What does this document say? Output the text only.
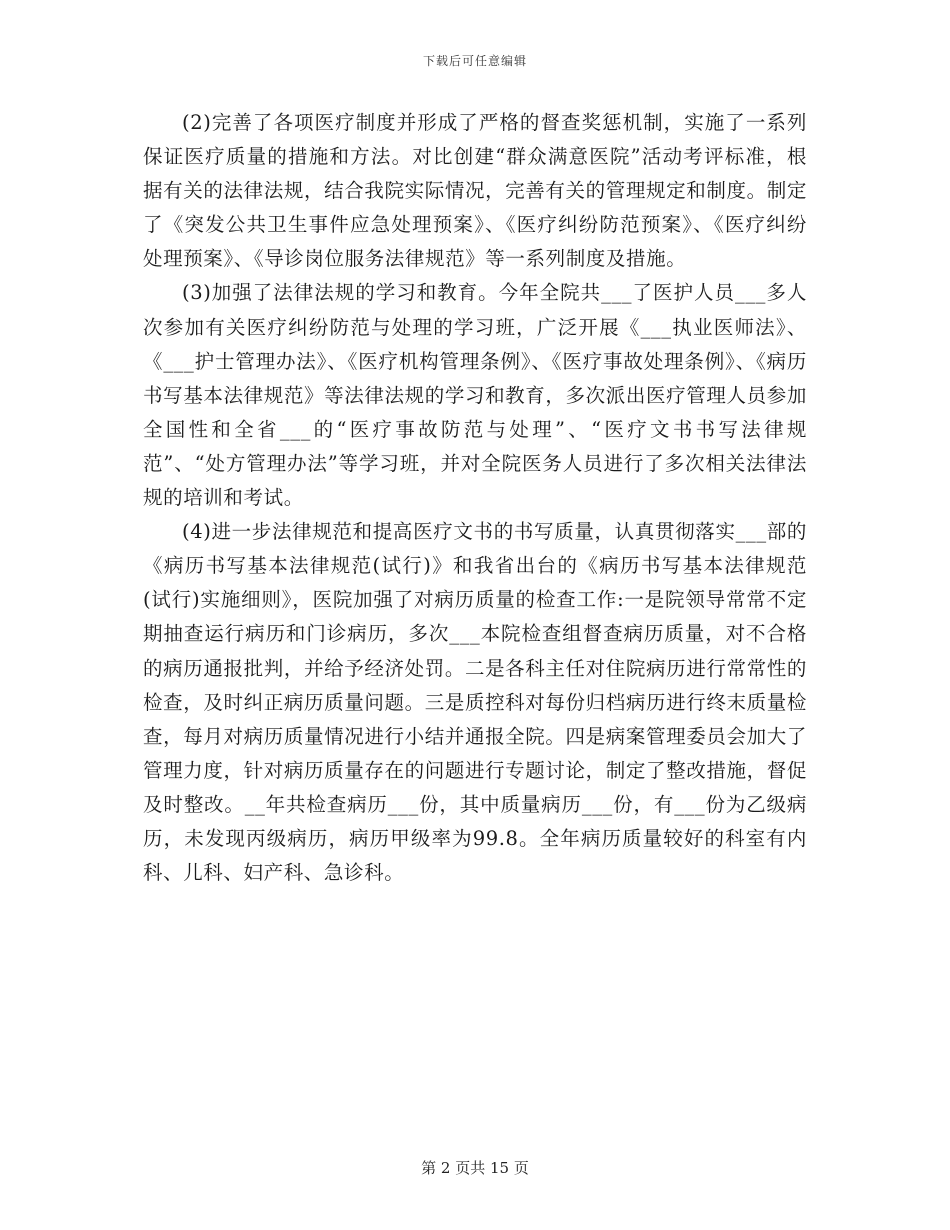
下载后可任意编辑

(2)完善了各项医疗制度并形成了严格的督查奖惩机制，实施了一系列保证医疗质量的措施和方法。对比创建“群众满意医院”活动考评标准，根据有关的法律法规，结合我院实际情况，完善有关的管理规定和制度。制定了《突发公共卫生事件应急处理预案》、《医疗纠纷防范预案》、《医疗纠纷处理预案》、《导诊岗位服务法律规范》等一系列制度及措施。

(3)加强了法律法规的学习和教育。今年全院共___了医护人员___多人次参加有关医疗纠纷防范与处理的学习班，广泛开展《___执业医师法》、《___护士管理办法》、《医疗机构管理条例》、《医疗事故处理条例》、《病历书写基本法律规范》等法律法规的学习和教育，多次派出医疗管理人员参加全国性和全省___的“医疗事故防范与处理”、“医疗文书书写法律规范”、“处方管理办法”等学习班，并对全院医务人员进行了多次相关法律法规的培训和考试。

(4)进一步法律规范和提高医疗文书的书写质量，认真贯彻落实___部的《病历书写基本法律规范(试行)》和我省出台的《病历书写基本法律规范(试行)实施细则》，医院加强了对病历质量的检查工作:一是院领导常常不定期抽查运行病历和门诊病历，多次___本院检查组督查病历质量，对不合格的病历通报批判，并给予经济处罚。二是各科主任对住院病历进行常常性的检查，及时纠正病历质量问题。三是质控科对每份归档病历进行终末质量检查，每月对病历质量情况进行小结并通报全院。四是病案管理委员会加大了管理力度，针对病历质量存在的问题进行专题讨论，制定了整改措施，督促及时整改。__年共检查病历___份，其中质量病历___份，有___份为乙级病历，未发现丙级病历，病历甲级率为99.8。全年病历质量较好的科室有内科、儿科、妇产科、急诊科。

第 2 页共 15 页
